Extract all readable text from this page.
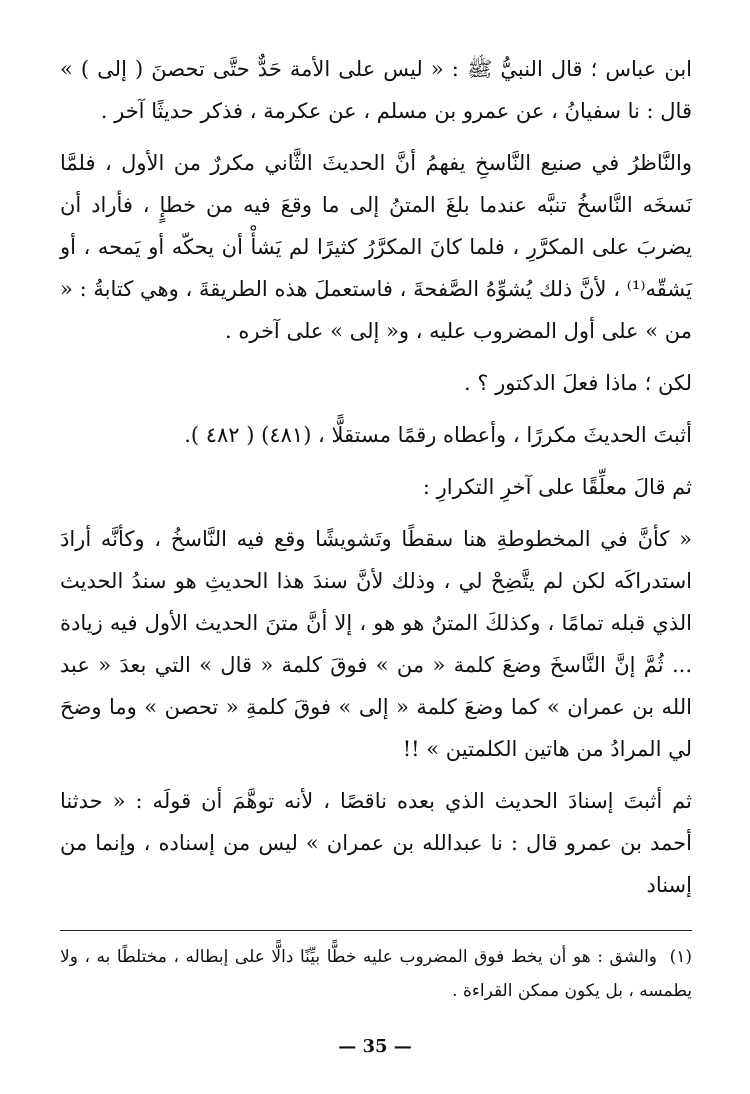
ابن عباس ؛ قال النبيُّ ﷺ : « ليس على الأمة حَدٌّ حتَّى تحصنَ ( إلى ) » قال : نا سفيانُ ، عن عمرو بن مسلم ، عن عكرمة ، فذكر حديثًا آخر .

والنَّاظرُ في صنيع النَّاسخِ يفهمُ أنَّ الحديثَ الثَّاني مكررٌ من الأول ، فلمَّا نَسخَه النَّاسخُ تنبَّه عندما بلغَ المتنُ إلى ما وقعَ فيه من خطإٍ ، فأراد أن يضربَ على المكرَّرِ ، فلما كانَ المكرَّرُ كثيرًا لم يَشأْ أن يحكّه أو يَمحه ، أو يَشقّه⁽¹⁾ ، لأنَّ ذلك يُشوِّهُ الصَّفحةَ ، فاستعملَ هذه الطريقةَ ، وهي كتابةُ : « من » على أول المضروب عليه ، و« إلى » على آخره .

لكن ؛ ماذا فعلَ الدكتور ؟ .

أثبتَ الحديثَ مكررًا ، وأعطاه رقمًا مستقلًّا ، (٤٨١) ( ٤٨٢ ).

ثم قالَ معلِّقًا على آخرِ التكرارِ :

« كأنَّ في المخطوطةِ هنا سقطًا وتَشويشًا وقع فيه النَّاسخُ ، وكأنَّه أرادَ استدراكَه لكن لم يتَّضِحْ لي ، وذلك لأنَّ سندَ هذا الحديثِ هو سندُ الحديث الذي قبله تمامًا ، وكذلكَ المتنُ هو هو ، إلا أنَّ متنَ الحديث الأول فيه زيادة ... ثُمَّ إنَّ النَّاسخَ وضعَ كلمة « من » فوقَ كلمة « قال » التي بعدَ « عبد الله بن عمران » كما وضعَ كلمة « إلى » فوقَ كلمةِ « تحصن » وما وضحَ لي المرادُ من هاتين الكلمتين » !!

ثم أثبتَ إسنادَ الحديث الذي بعده ناقصًا ، لأنه توهَّمَ أن قولَه : « حدثنا أحمد بن عمرو قال : نا عبدالله بن عمران » ليس من إسناده ، وإنما من إسناد

(١) والشق : هو أن يخط فوق المضروب عليه خطًّا بيِّنًا دالًّا على إبطاله ، مختلطًا به ، ولا يطمسه ، بل يكون ممكن القراءة .

— 35 —
